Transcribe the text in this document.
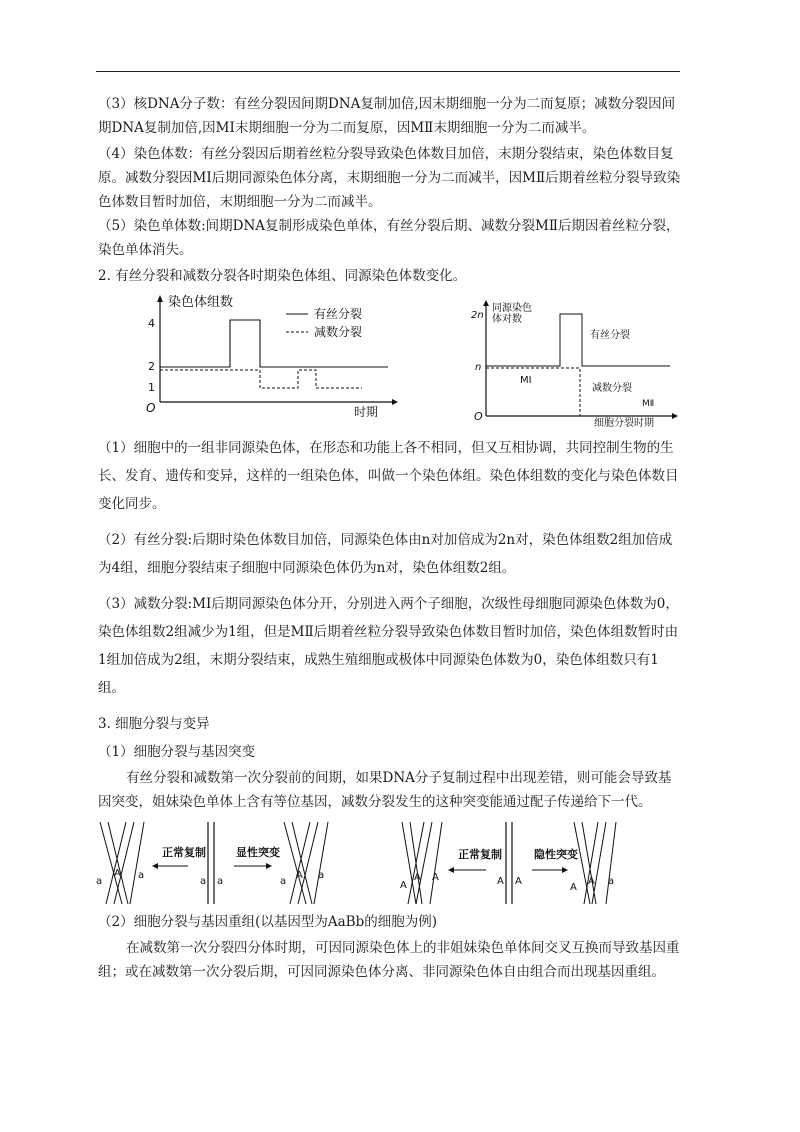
（3）核DNA分子数：有丝分裂因间期DNA复制加倍,因末期细胞一分为二而复原；减数分裂因间期DNA复制加倍,因MⅠ末期细胞一分为二而复原，因MⅡ末期细胞一分为二而减半。

（4）染色体数：有丝分裂因后期着丝粒分裂导致染色体数目加倍，末期分裂结束，染色体数目复原。减数分裂因MⅠ后期同源染色体分离，末期细胞一分为二而减半，因MⅡ后期着丝粒分裂导致染色体数目暂时加倍，末期细胞一分为二而减半。

（5）染色单体数:间期DNA复制形成染色单体，有丝分裂后期、减数分裂MⅡ后期因着丝粒分裂，染色单体消失。

2. 有丝分裂和减数分裂各时期染色体组、同源染色体数变化。

染色体组数
时期
O
4
2
1
有丝分裂
减数分裂
同源染色
体对数
2n
n
O
有丝分裂
MⅠ
减数分裂
MⅡ
细胞分裂时期

（1）细胞中的一组非同源染色体，在形态和功能上各不相同，但又互相协调，共同控制生物的生长、发育、遗传和变异，这样的一组染色体，叫做一个染色体组。染色体组数的变化与染色体数目变化同步。

（2）有丝分裂:后期时染色体数目加倍，同源染色体由n对加倍成为2n对，染色体组数2组加倍成为4组，细胞分裂结束子细胞中同源染色体仍为n对，染色体组数2组。

（3）减数分裂:MⅠ后期同源染色体分开，分别进入两个子细胞，次级性母细胞同源染色体数为0，染色体组数2组减少为1组，但是MⅡ后期着丝粒分裂导致染色体数目暂时加倍，染色体组数暂时由1组加倍成为2组，末期分裂结束，成熟生殖细胞或极体中同源染色体数为0，染色体组数只有1组。

3. 细胞分裂与变异

（1）细胞分裂与基因突变

有丝分裂和减数第一次分裂前的间期，如果DNA分子复制过程中出现差错，则可能会导致基因突变，姐妹染色单体上含有等位基因，减数分裂发生的这种突变能通过配子传递给下一代。

a
A a
正常复制
a a
显性突变
a
A a
A
A A
正常复制
A A
隐性突变
A
A a

（2）细胞分裂与基因重组(以基因型为AaBb的细胞为例)

在减数第一次分裂四分体时期，可因同源染色体上的非姐妹染色单体间交叉互换而导致基因重组；或在减数第一次分裂后期，可因同源染色体分离、非同源染色体自由组合而出现基因重组。
